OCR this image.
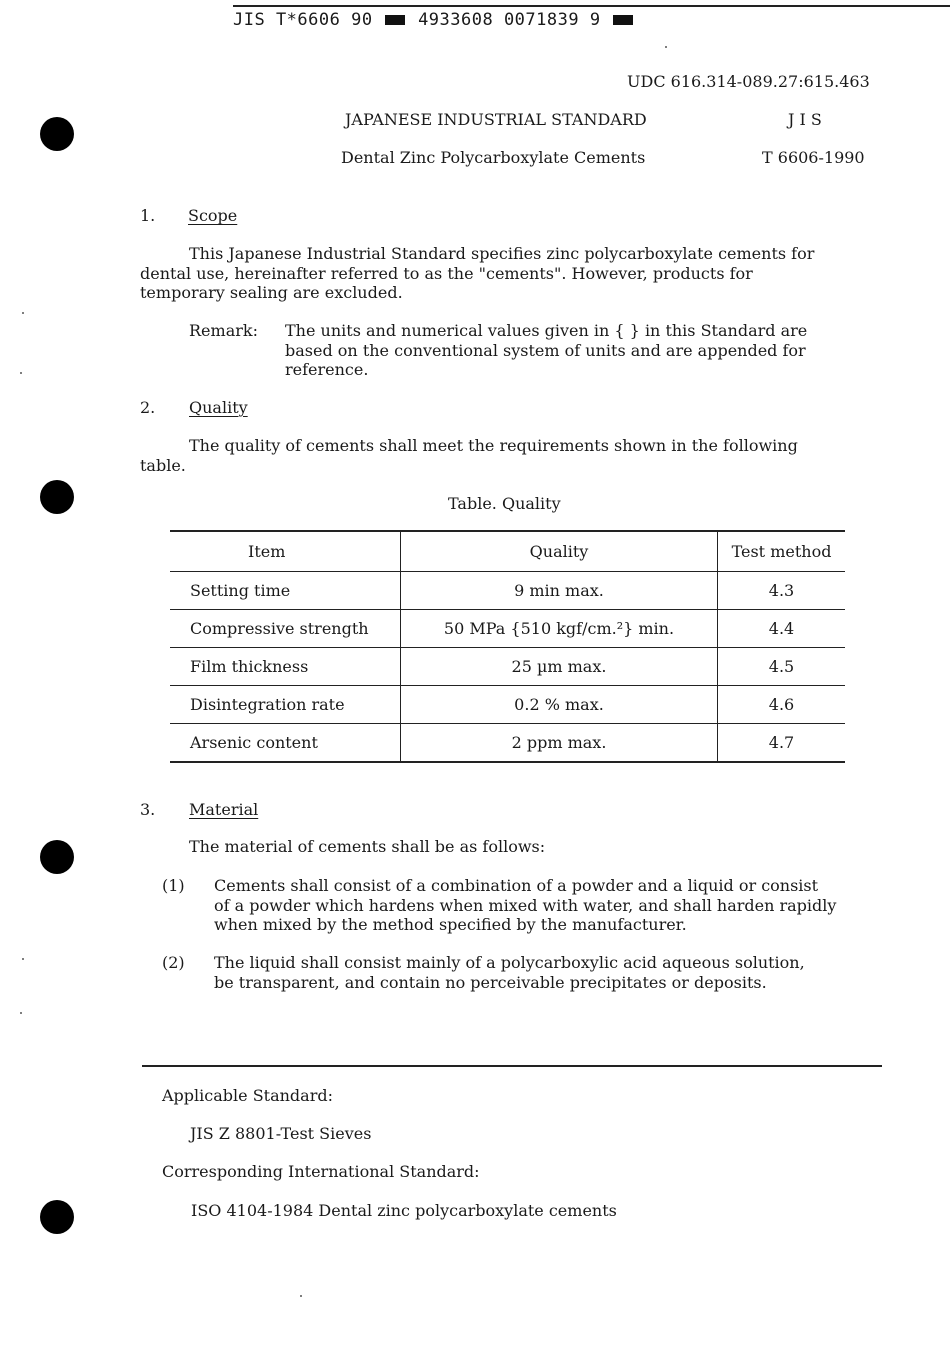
JIS T*6606 90	4933608 0071839 9
UDC 616.314-089.27:615.463
JAPANESE INDUSTRIAL STANDARD	J I S
Dental Zinc Polycarboxylate Cements	T 6606-1990
1. Scope
This Japanese Industrial Standard specifies zinc polycarboxylate cements for
dental use, hereinafter referred to as the "cements". However, products for
temporary sealing are excluded.
Remark: The units and numerical values given in { } in this Standard are
based on the conventional system of units and are appended for
reference.
2. Quality
The quality of cements shall meet the requirements shown in the following
table.
Table. Quality
Item	Quality	Test method
Setting time	9 min max.	4.3
Compressive strength	50 MPa {510 kgf/cm.²} min.	4.4
Film thickness	25 µm max.	4.5
Disintegration rate	0.2 % max.	4.6
Arsenic content	2 ppm max.	4.7
3. Material
The material of cements shall be as follows:
(1) Cements shall consist of a combination of a powder and a liquid or consist
of a powder which hardens when mixed with water, and shall harden rapidly
when mixed by the method specified by the manufacturer.
(2) The liquid shall consist mainly of a polycarboxylic acid aqueous solution,
be transparent, and contain no perceivable precipitates or deposits.
Applicable Standard:
JIS Z 8801-Test Sieves
Corresponding International Standard:
ISO 4104-1984 Dental zinc polycarboxylate cements
